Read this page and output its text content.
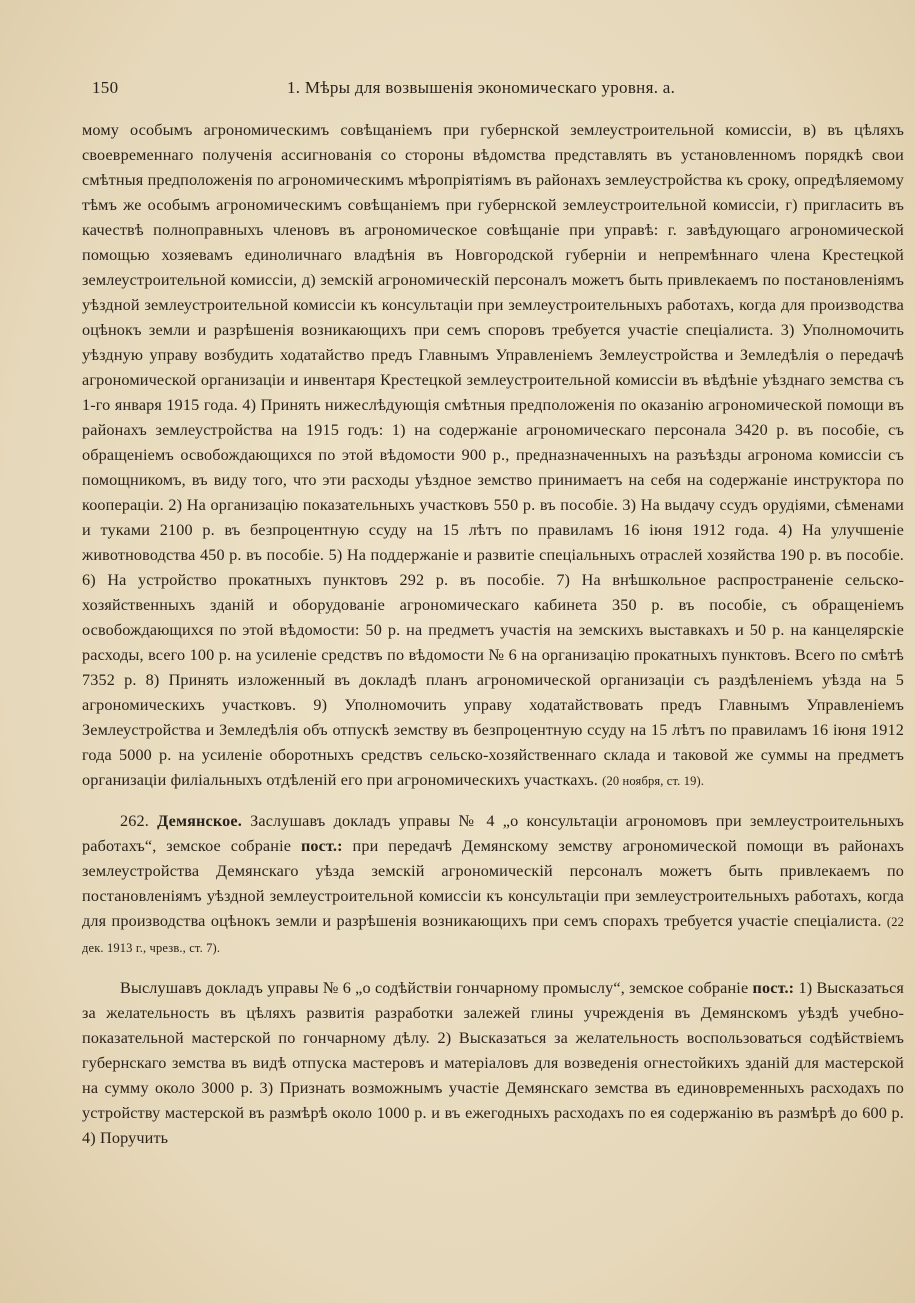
150	1. Мѣры для возвышенія экономическаго уровня. а.

мому особымъ агрономическимъ совѣщаніемъ при губернской землеустроительной комиссіи, в) въ цѣляхъ своевременнаго полученія ассигнованія со стороны вѣдомства представлять въ установленномъ порядкѣ свои смѣтныя предположенія по агрономическимъ мѣропріятіямъ въ районахъ землеустройства къ сроку, опредѣляемому тѣмъ же особымъ агрономическимъ совѣщаніемъ при губернской землеустроительной комиссіи, г) пригласить въ качествѣ полноправныхъ членовъ въ агрономическое совѣщаніе при управѣ: г. завѣдующаго агрономической помощью хозяевамъ единоличнаго владѣнія въ Новгородской губерніи и непремѣннаго члена Крестецкой землеустроительной комиссіи, д) земскій агрономическій персоналъ можетъ быть привлекаемъ по постановленіямъ уѣздной землеустроительной комиссіи къ консультаціи при землеустроительныхъ работахъ, когда для производства оцѣнокъ земли и разрѣшенія возникающихъ при семъ споровъ требуется участіе спеціалиста. 3) Уполномочить уѣздную управу возбудить ходатайство предъ Главнымъ Управленіемъ Землеустройства и Земледѣлія о передачѣ агрономической организаціи и инвентаря Крестецкой землеустроительной комиссіи въ вѣдѣніе уѣзднаго земства съ 1-го января 1915 года. 4) Принять нижеслѣдующія смѣтныя предположенія по оказанію агрономической помощи въ районахъ землеустройства на 1915 годъ: 1) на содержаніе агрономическаго персонала 3420 р. въ пособіе, съ обращеніемъ освобождающихся по этой вѣдомости 900 р., предназначенныхъ на разъѣзды агронома комиссіи съ помощникомъ, въ виду того, что эти расходы уѣздное земство принимаетъ на себя на содержаніе инструктора по коопераціи. 2) На организацію показательныхъ участковъ 550 р. въ пособіе. 3) На выдачу ссудъ орудіями, сѣменами и туками 2100 р. въ безпроцентную ссуду на 15 лѣтъ по правиламъ 16 іюня 1912 года. 4) На улучшеніе животноводства 450 р. въ пособіе. 5) На поддержаніе и развитіе спеціальныхъ отраслей хозяйства 190 р. въ пособіе. 6) На устройство прокатныхъ пунктовъ 292 р. въ пособіе. 7) На внѣшкольное распространеніе сельско-хозяйственныхъ зданій и оборудованіе агрономическаго кабинета 350 р. въ пособіе, съ обращеніемъ освобождающихся по этой вѣдомости: 50 р. на предметъ участія на земскихъ выставкахъ и 50 р. на канцелярскіе расходы, всего 100 р. на усиленіе средствъ по вѣдомости № 6 на организацію прокатныхъ пунктовъ. Всего по смѣтѣ 7352 р. 8) Принять изложенный въ докладѣ планъ агрономической организаціи съ раздѣленіемъ уѣзда на 5 агрономическихъ участковъ. 9) Уполномочить управу ходатайствовать предъ Главнымъ Управленіемъ Землеустройства и Земледѣлія объ отпускѣ земству въ безпроцентную ссуду на 15 лѣтъ по правиламъ 16 іюня 1912 года 5000 р. на усиленіе оборотныхъ средствъ сельско-хозяйственнаго склада и таковой же суммы на предметъ организаціи филіальныхъ отдѣленій его при агрономическихъ участкахъ. (20 ноября, ст. 19).

262. Демянское. Заслушавъ докладъ управы № 4 „о консультаціи агрономовъ при землеустроительныхъ работахъ“, земское собраніе пост.: при передачѣ Демянскому земству агрономической помощи въ районахъ землеустройства Демянскаго уѣзда земскій агрономическій персоналъ можетъ быть привлекаемъ по постановленіямъ уѣздной землеустроительной комиссіи къ консультаціи при землеустроительныхъ работахъ, когда для производства оцѣнокъ земли и разрѣшенія возникающихъ при семъ спорахъ требуется участіе спеціалиста. (22 дек. 1913 г., чрезв., ст. 7).

Выслушавъ докладъ управы № 6 „о содѣйствіи гончарному промыслу“, земское собраніе пост.: 1) Высказаться за желательность въ цѣляхъ развитія разработки залежей глины учрежденія въ Демянскомъ уѣздѣ учебно-показательной мастерской по гончарному дѣлу. 2) Высказаться за желательность воспользоваться содѣйствіемъ губернскаго земства въ видѣ отпуска мастеровъ и матеріаловъ для возведенія огнестойкихъ зданій для мастерской на сумму около 3000 р. 3) Признать возможнымъ участіе Демянскаго земства въ единовременныхъ расходахъ по устройству мастерской въ размѣрѣ около 1000 р. и въ ежегодныхъ расходахъ по ея содержанію въ размѣрѣ до 600 р. 4) Поручить
